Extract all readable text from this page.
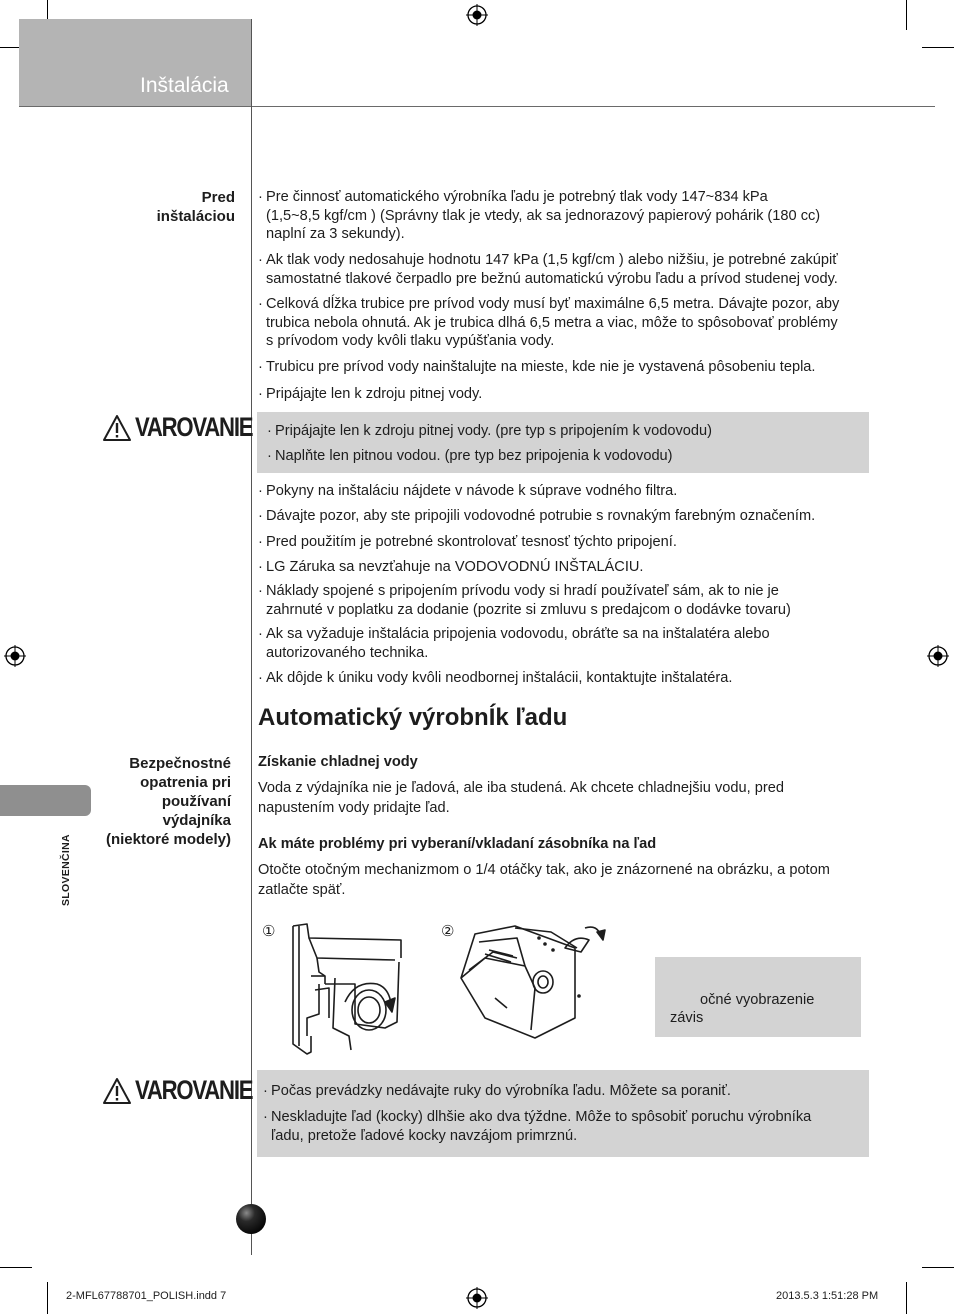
Inštalácia
Pred
inštaláciou
Bezpečnostné
opatrenia pri
používaní
výdajníka
(niektoré modely)
SLOVENČINA
· Pre činnosť automatického výrobníka ľadu je potrebný tlak vody 147~834 kPa
(1,5~8,5 kgf/cm ) (Správny tlak je vtedy, ak sa jednorazový papierový pohárik (180 cc)
naplní za 3 sekundy).
· Ak tlak vody nedosahuje hodnotu 147 kPa (1,5 kgf/cm ) alebo nižšiu, je potrebné zakúpiť
samostatné tlakové čerpadlo pre bežnú automatickú výrobu ľadu a prívod studenej vody.
· Celková dĺžka trubice pre prívod vody musí byť maximálne 6,5 metra. Dávajte pozor, aby
trubica nebola ohnutá. Ak je trubica dlhá 6,5 metra a viac, môže to spôsobovať problémy
s prívodom vody kvôli tlaku vypúšťania vody.
· Trubicu pre prívod vody nainštalujte na mieste, kde nie je vystavená pôsobeniu tepla.
· Pripájajte len k zdroju pitnej vody.
VAROVANIE · Pripájajte len k zdroju pitnej vody. (pre typ s pripojením k vodovodu)
· Naplňte len pitnou vodou. (pre typ bez pripojenia k vodovodu)
· Pokyny na inštaláciu nájdete v návode k súprave vodného filtra.
· Dávajte pozor, aby ste pripojili vodovodné potrubie s rovnakým farebným označením.
· Pred použitím je potrebné skontrolovať tesnosť týchto pripojení.
· LG Záruka sa nevzťahuje na VODOVODNÚ INŠTALÁCIU.
· Náklady spojené s pripojením prívodu vody si hradí používateľ sám, ak to nie je
zahrnuté v poplatku za dodanie (pozrite si zmluvu s predajcom o dodávke tovaru)
· Ak sa vyžaduje inštalácia pripojenia vodovodu, obráťte sa na inštalatéra alebo
autorizovaného technika.
· Ak dôjde k úniku vody kvôli neodbornej inštalácii, kontaktujte inštalatéra.
Automatický výrobnÍk ľadu
Získanie chladnej vody
Voda z výdajníka nie je ľadová, ale iba studená. Ak chcete chladnejšiu vodu, pred
napustením vody pridajte ľad.
Ak máte problémy pri vyberaní/vkladaní zásobníka na ľad
Otočte otočným mechanizmom o 1/4 otáčky tak, ako je znázornené na obrázku, a potom
zatlačte späť.
①	②
očné vyobrazenie
závis
VAROVANIE · Počas prevádzky nedávajte ruky do výrobníka ľadu. Môžete sa poraniť.
· Neskladujte ľad (kocky) dlhšie ako dva týždne. Môže to spôsobiť poruchu výrobníka
ľadu, pretože ľadové kocky navzájom primrznú.
2-MFL67788701_POLISH.indd 7	2013.5.3 1:51:28 PM
